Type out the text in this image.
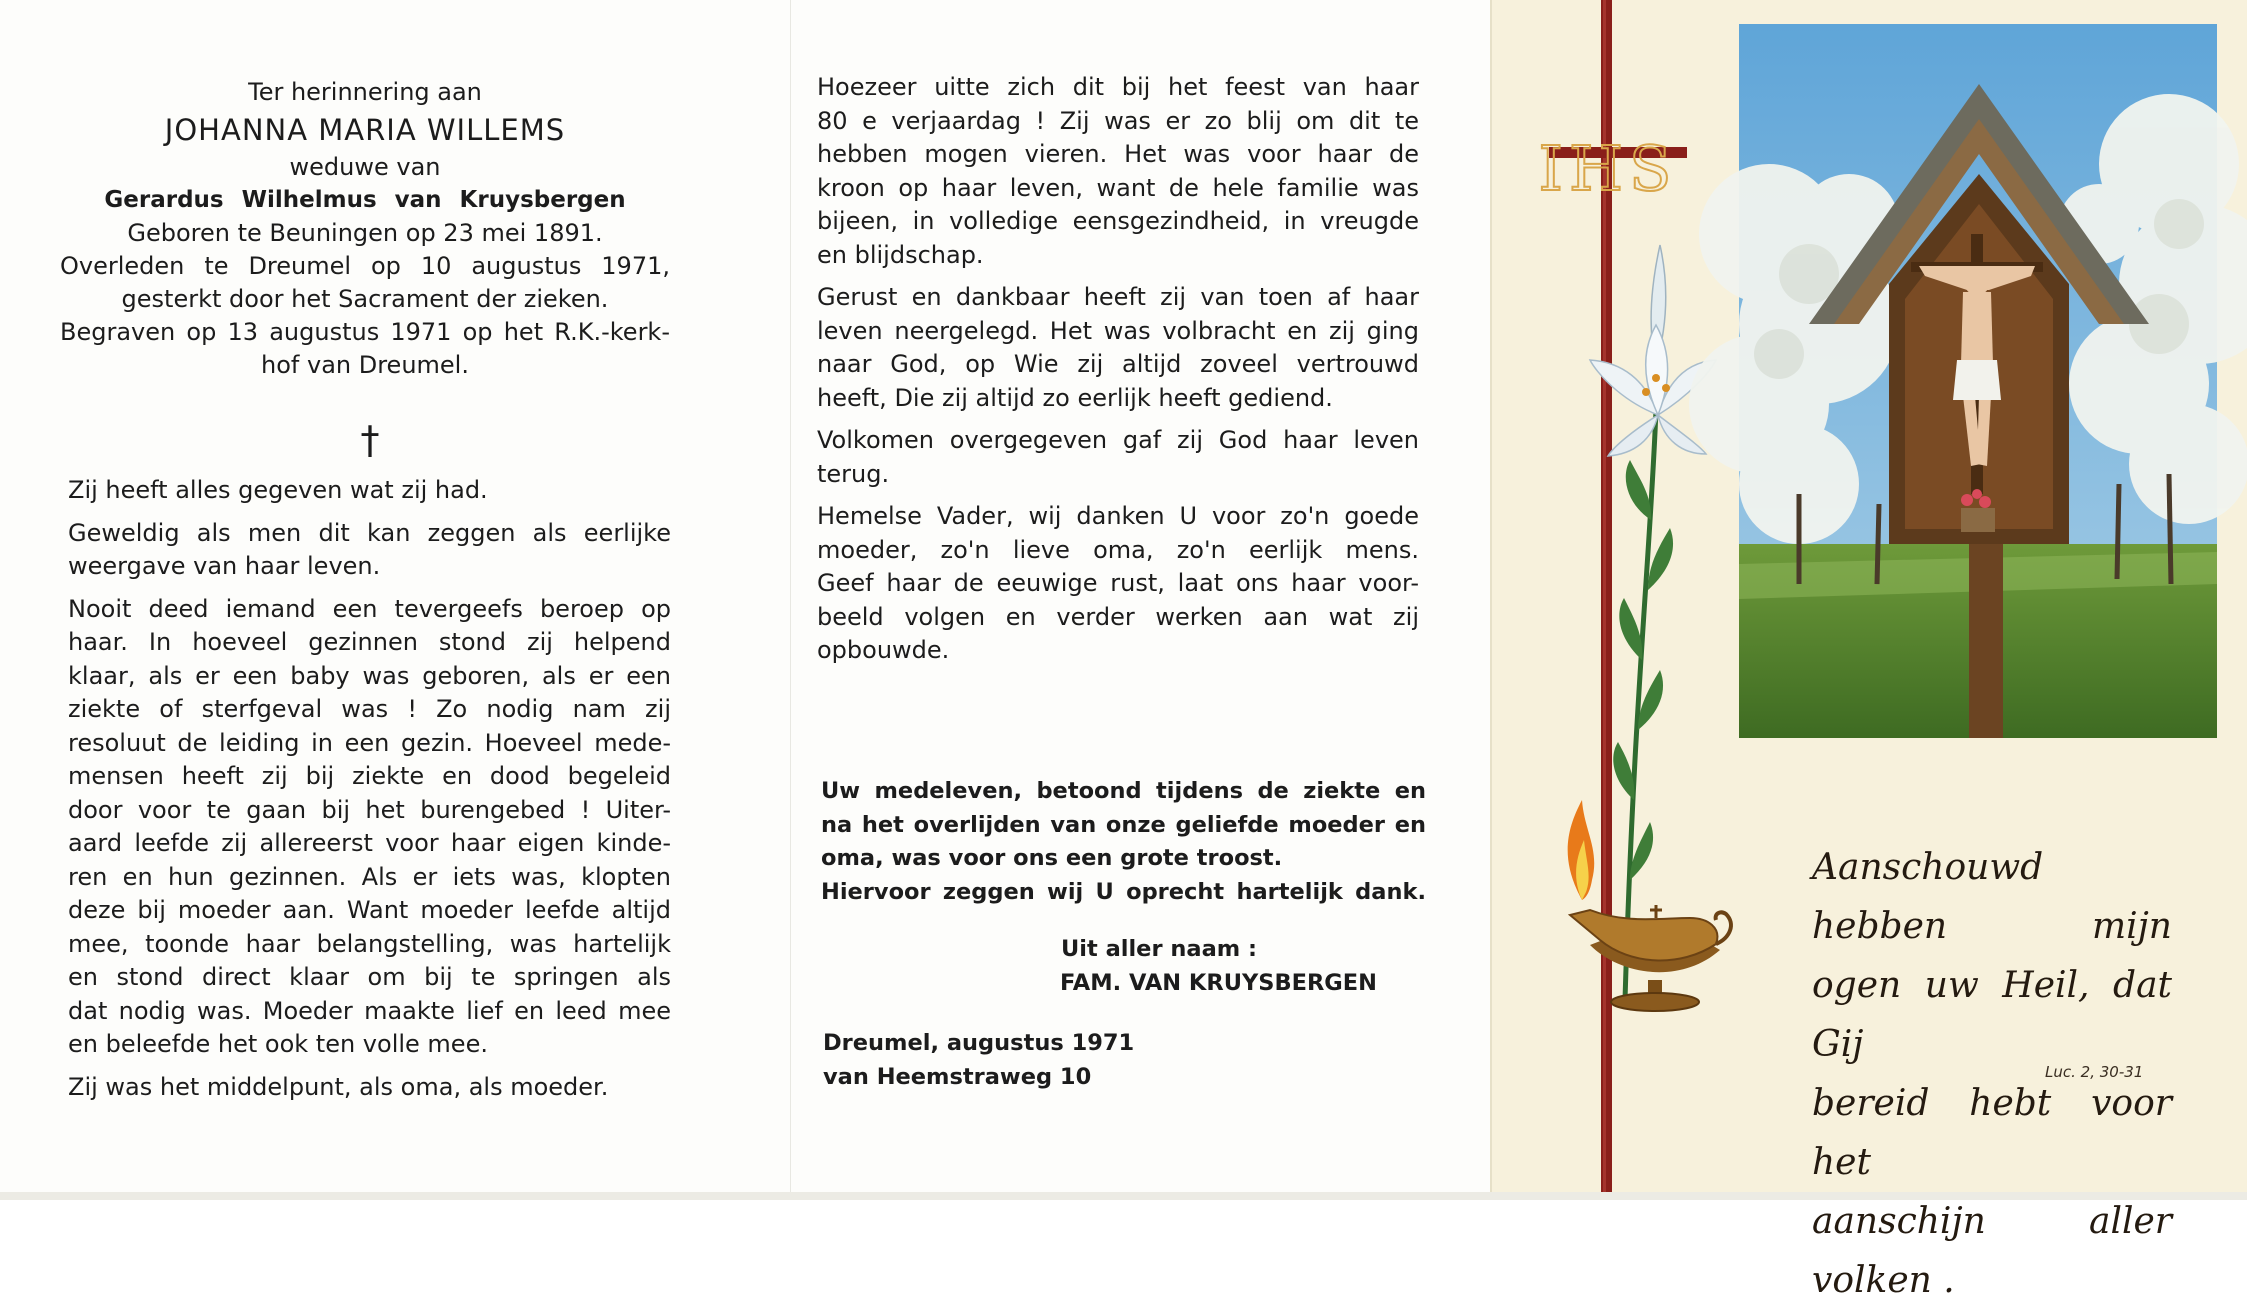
Ter herinnering aan
JOHANNA MARIA WILLEMS
weduwe van
Gerardus Wilhelmus van Kruysbergen
Geboren te Beuningen op 23 mei 1891.
Overleden te Dreumel op 10 augustus 1971,
gesterkt door het Sacrament der zieken.
Begraven op 13 augustus 1971 op het R.K.-kerk-
hof van Dreumel.
†

Zij heeft alles gegeven wat zij had.

Geweldig als men dit kan zeggen als eerlijke

weergave van haar leven.

Nooit deed iemand een tevergeefs beroep op

haar. In hoeveel gezinnen stond zij helpend

klaar, als er een baby was geboren, als er een

ziekte of sterfgeval was ! Zo nodig nam zij

resoluut de leiding in een gezin. Hoeveel mede-

mensen heeft zij bij ziekte en dood begeleid

door voor te gaan bij het burengebed ! Uiter-

aard leefde zij allereerst voor haar eigen kinde-

ren en hun gezinnen. Als er iets was, klopten

deze bij moeder aan. Want moeder leefde altijd

mee, toonde haar belangstelling, was hartelijk

en stond direct klaar om bij te springen als

dat nodig was. Moeder maakte lief en leed mee

en beleefde het ook ten volle mee.

Zij was het middelpunt, als oma, als moeder.

Hoezeer uitte zich dit bij het feest van haar

80 e verjaardag ! Zij was er zo blij om dit te

hebben mogen vieren. Het was voor haar de

kroon op haar leven, want de hele familie was

bijeen, in volledige eensgezindheid, in vreugde

en blijdschap.

Gerust en dankbaar heeft zij van toen af haar

leven neergelegd. Het was volbracht en zij ging

naar God, op Wie zij altijd zoveel vertrouwd

heeft, Die zij altijd zo eerlijk heeft gediend.

Volkomen overgegeven gaf zij God haar leven

terug.

Hemelse Vader, wij danken U voor zo'n goede

moeder, zo'n lieve oma, zo'n eerlijk mens.

Geef haar de eeuwige rust, laat ons haar voor-

beeld volgen en verder werken aan wat zij

opbouwde.

Uw medeleven, betoond tijdens de ziekte en

na het overlijden van onze geliefde moeder en

oma, was voor ons een grote troost.

Hiervoor zeggen wij U oprecht hartelijk dank.

Uit aller naam :
FAM. VAN KRUYSBERGEN
Dreumel, augustus 1971
van Heemstraweg 10
IHS

Aanschouwd hebben mijn

ogen uw Heil, dat Gij

bereid hebt voor het

aanschijn aller volken .

Luc. 2, 30-31
